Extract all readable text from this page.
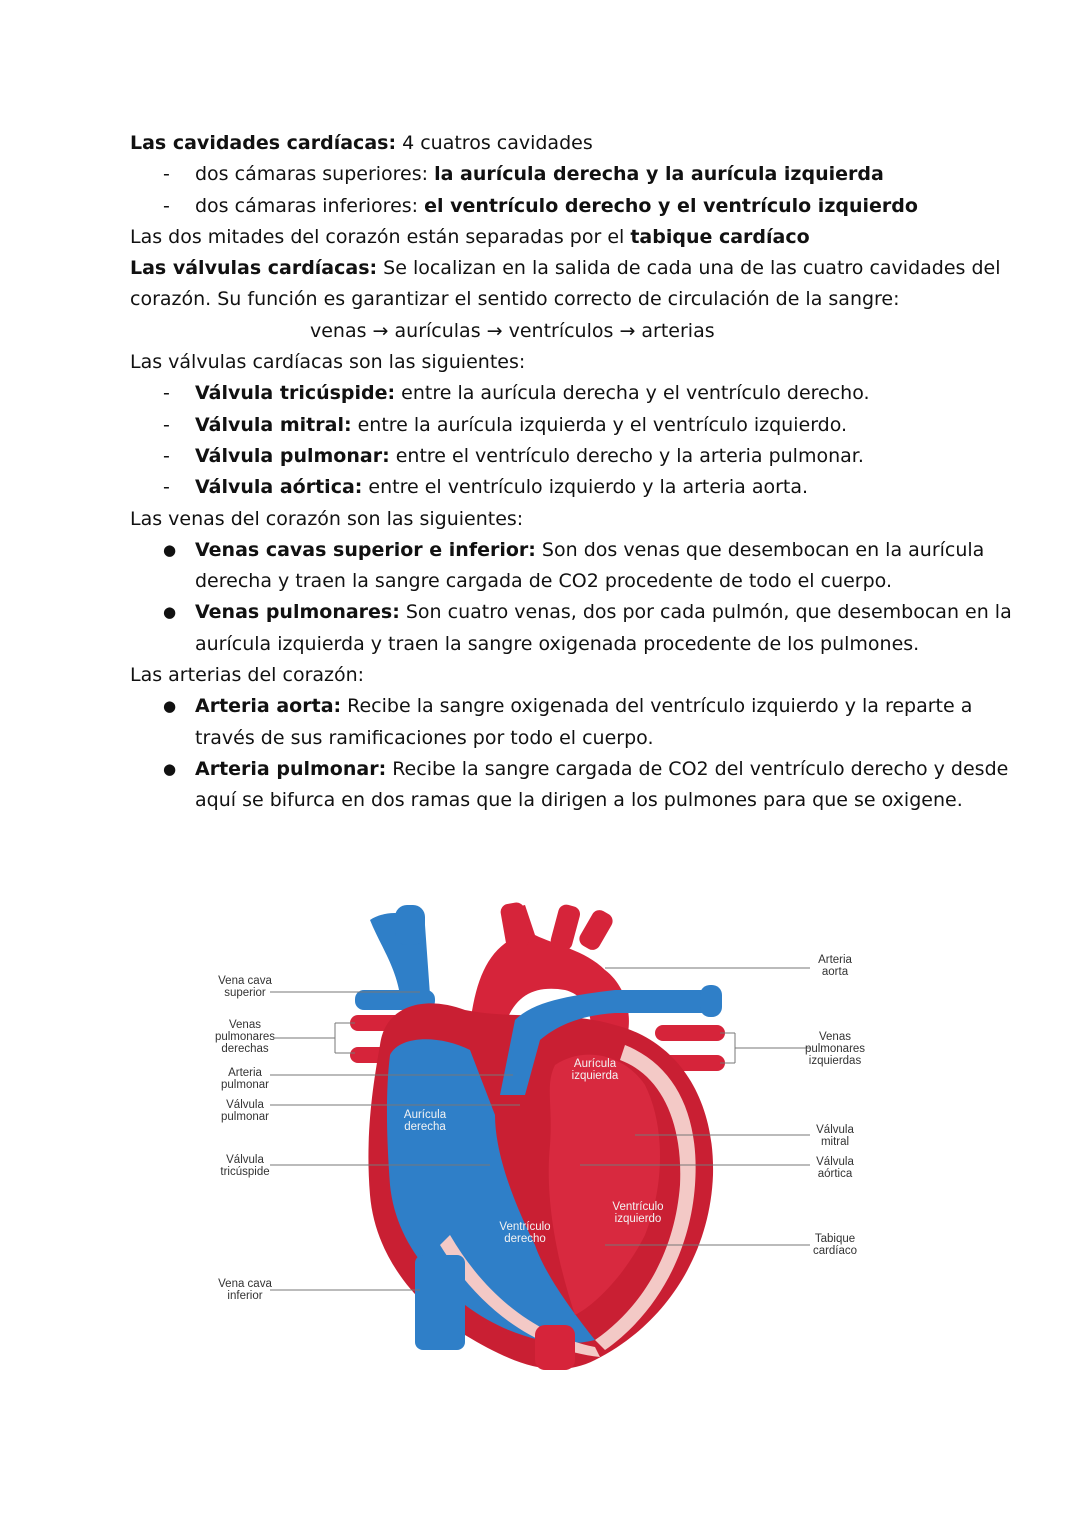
Las cavidades cardíacas: 4 cuatros cavidades
- dos cámaras superiores: la aurícula derecha y la aurícula izquierda
- dos cámaras inferiores: el ventrículo derecho y el ventrículo izquierdo
Las dos mitades del corazón están separadas por el tabique cardíaco
Las válvulas cardíacas: Se localizan en la salida de cada una de las cuatro cavidades del
corazón. Su función es garantizar el sentido correcto de circulación de la sangre:
venas → aurículas → ventrículos → arterias
Las válvulas cardíacas son las siguientes:
- Válvula tricúspide: entre la aurícula derecha y el ventrículo derecho.
- Válvula mitral: entre la aurícula izquierda y el ventrículo izquierdo.
- Válvula pulmonar: entre el ventrículo derecho y la arteria pulmonar.
- Válvula aórtica: entre el ventrículo izquierdo y la arteria aorta.
Las venas del corazón son las siguientes:
● Venas cavas superior e inferior: Son dos venas que desembocan en la aurícula
derecha y traen la sangre cargada de CO2 procedente de todo el cuerpo.
● Venas pulmonares: Son cuatro venas, dos por cada pulmón, que desembocan en la
aurícula izquierda y traen la sangre oxigenada procedente de los pulmones.
Las arterias del corazón:
● Arteria aorta: Recibe la sangre oxigenada del ventrículo izquierdo y la reparte a
través de sus ramificaciones por todo el cuerpo.
● Arteria pulmonar: Recibe la sangre cargada de CO2 del ventrículo derecho y desde
aquí se bifurca en dos ramas que la dirigen a los pulmones para que se oxigene.
Vena cava
superior
Venas
pulmonares
derechas
Arteria
pulmonar
Válvula
pulmonar
Válvula
tricúspide
Vena cava
inferior
Arteria
aorta
Venas
pulmonares
izquierdas
Válvula
mitral
Válvula
aórtica
Tabique
cardíaco
Aurícula
derecha
Aurícula
izquierda
Ventrículo
derecho
Ventrículo
izquierdo
